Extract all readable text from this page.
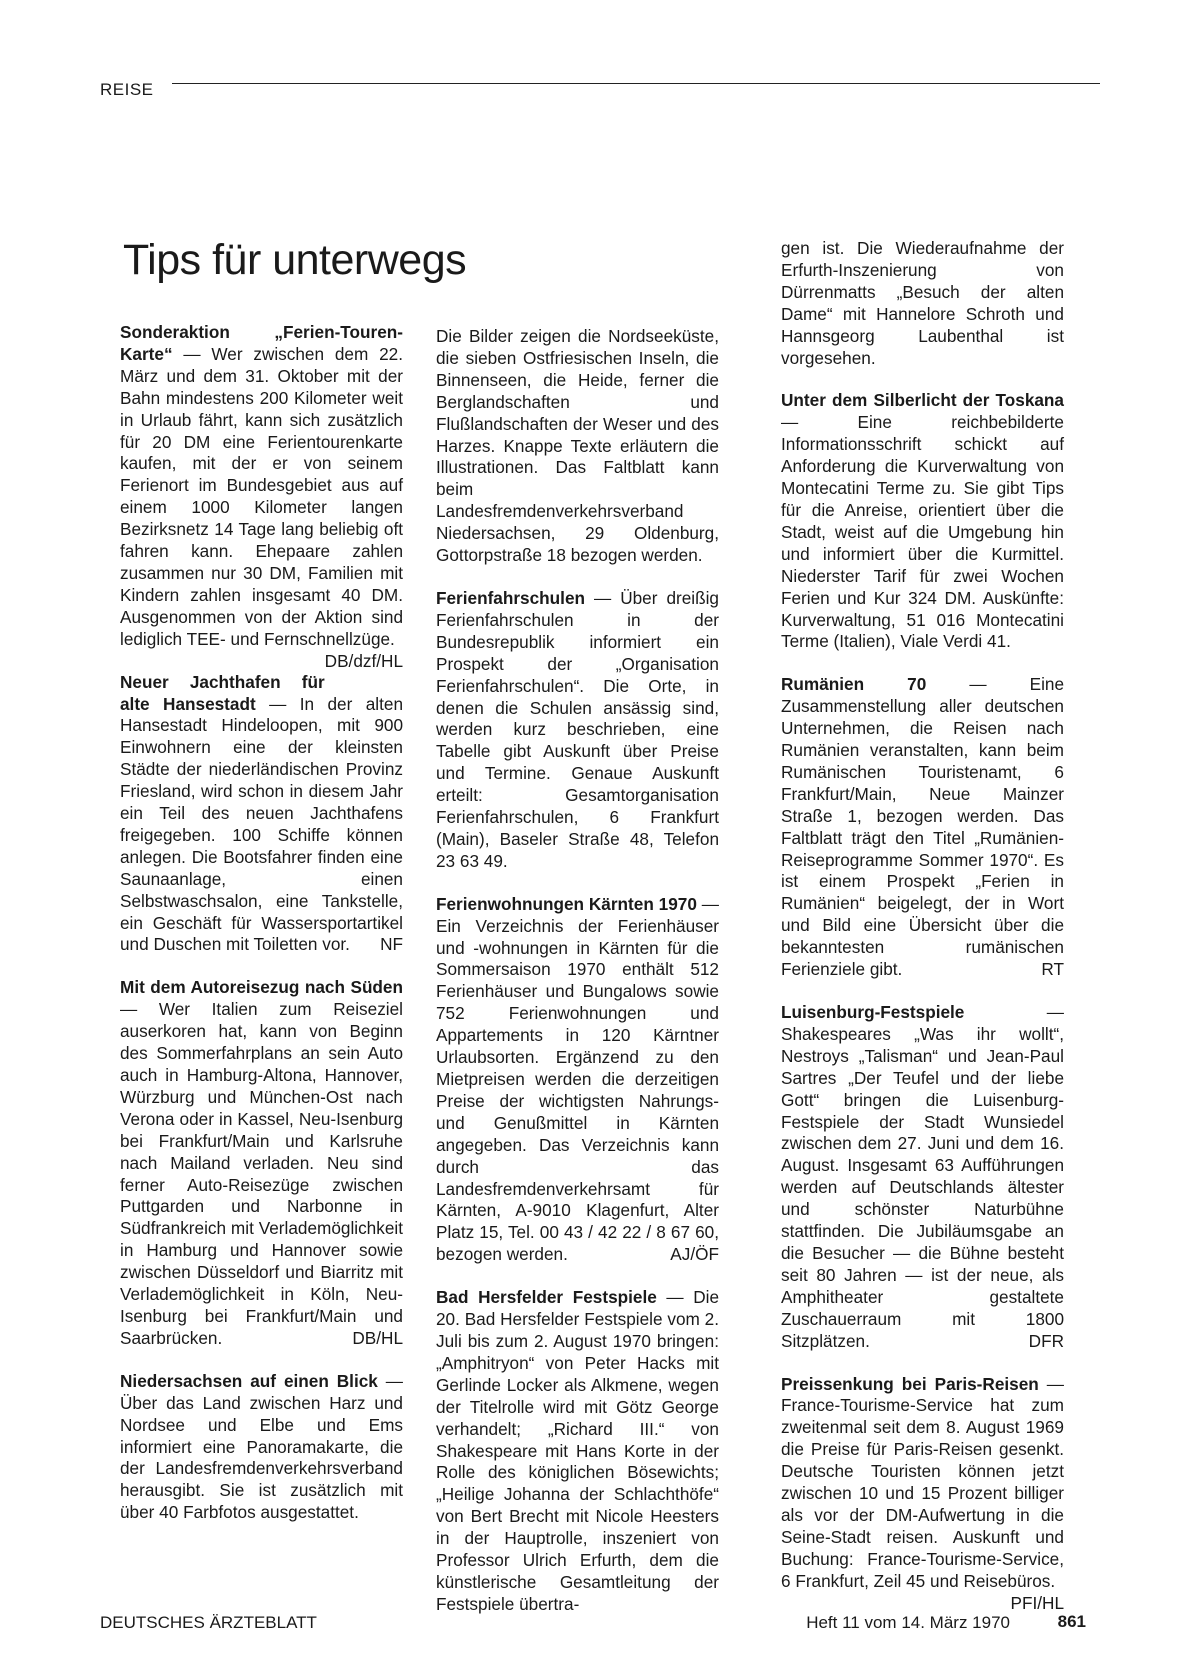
REISE
Tips für unterwegs

Sonderaktion „Ferien-Touren-Karte“ — Wer zwischen dem 22. März und dem 31. Oktober mit der Bahn mindestens 200 Kilometer weit in Urlaub fährt, kann sich zusätzlich für 20 DM eine Ferientourenkarte kaufen, mit der er von seinem Ferienort im Bundesgebiet aus auf einem 1000 Kilometer langen Bezirksnetz 14 Tage lang beliebig oft fahren kann. Ehepaare zahlen zusammen nur 30 DM, Familien mit Kindern zahlen insgesamt 40 DM. Ausgenommen von der Aktion sind lediglich TEE- und Fernschnellzüge.
DB/dzf/HL

Neuer Jachthafen für alte Hansestadt — In der alten Hansestadt Hindeloopen, mit 900 Einwohnern eine der kleinsten Städte der niederländischen Provinz Friesland, wird schon in diesem Jahr ein Teil des neuen Jachthafens freigegeben. 100 Schiffe können anlegen. Die Bootsfahrer finden eine Saunaanlage, einen Selbstwaschsalon, eine Tankstelle, ein Geschäft für Wassersportartikel und Duschen mit Toiletten vor. NF

Mit dem Autoreisezug nach Süden — Wer Italien zum Reiseziel auserkoren hat, kann von Beginn des Sommerfahrplans an sein Auto auch in Hamburg-Altona, Hannover, Würzburg und München-Ost nach Verona oder in Kassel, Neu-Isenburg bei Frankfurt/Main und Karlsruhe nach Mailand verladen. Neu sind ferner Auto-Reisezüge zwischen Puttgarden und Narbonne in Südfrankreich mit Verlademöglichkeit in Hamburg und Hannover sowie zwischen Düsseldorf und Biarritz mit Verlademöglichkeit in Köln, Neu-Isenburg bei Frankfurt/Main und Saarbrücken.	DB/HL

Niedersachsen auf einen Blick — Über das Land zwischen Harz und Nordsee und Elbe und Ems informiert eine Panoramakarte, die der Landesfremdenverkehrsverband herausgibt. Sie ist zusätzlich mit über 40 Farbfotos ausgestattet.

Die Bilder zeigen die Nordseeküste, die sieben Ostfriesischen Inseln, die Binnenseen, die Heide, ferner die Berglandschaften und Flußlandschaften der Weser und des Harzes. Knappe Texte erläutern die Illustrationen. Das Faltblatt kann beim Landesfremdenverkehrsverband Niedersachsen, 29 Oldenburg, Gottorpstraße 18 bezogen werden.

Ferienfahrschulen — Über dreißig Ferienfahrschulen in der Bundesrepublik informiert ein Prospekt der „Organisation Ferienfahrschulen“. Die Orte, in denen die Schulen ansässig sind, werden kurz beschrieben, eine Tabelle gibt Auskunft über Preise und Termine. Genaue Auskunft erteilt: Gesamtorganisation Ferienfahrschulen, 6 Frankfurt (Main), Baseler Straße 48, Telefon 23 63 49.

Ferienwohnungen Kärnten 1970 — Ein Verzeichnis der Ferienhäuser und -wohnungen in Kärnten für die Sommersaison 1970 enthält 512 Ferienhäuser und Bungalows sowie 752 Ferienwohnungen und Appartements in 120 Kärntner Urlaubsorten. Ergänzend zu den Mietpreisen werden die derzeitigen Preise der wichtigsten Nahrungs- und Genußmittel in Kärnten angegeben. Das Verzeichnis kann durch das Landesfremdenverkehrsamt für Kärnten, A-9010 Klagenfurt, Alter Platz 15, Tel. 00 43 / 42 22 / 8 67 60, bezogen werden.	AJ/ÖF

Bad Hersfelder Festspiele — Die 20. Bad Hersfelder Festspiele vom 2. Juli bis zum 2. August 1970 bringen: „Amphitryon“ von Peter Hacks mit Gerlinde Locker als Alkmene, wegen der Titelrolle wird mit Götz George verhandelt; „Richard III.“ von Shakespeare mit Hans Korte in der Rolle des königlichen Bösewichts; „Heilige Johanna der Schlachthöfe“ von Bert Brecht mit Nicole Heesters in der Hauptrolle, inszeniert von Professor Ulrich Erfurth, dem die künstlerische Gesamtleitung der Festspiele übertra-

gen ist. Die Wiederaufnahme der Erfurth-Inszenierung von Dürrenmatts „Besuch der alten Dame“ mit Hannelore Schroth und Hannsgeorg Laubenthal ist vorgesehen.

Unter dem Silberlicht der Toskana — Eine reichbebilderte Informationsschrift schickt auf Anforderung die Kurverwaltung von Montecatini Terme zu. Sie gibt Tips für die Anreise, orientiert über die Stadt, weist auf die Umgebung hin und informiert über die Kurmittel. Niederster Tarif für zwei Wochen Ferien und Kur 324 DM. Auskünfte: Kurverwaltung, 51 016 Montecatini Terme (Italien), Viale Verdi 41.

Rumänien 70 — Eine Zusammenstellung aller deutschen Unternehmen, die Reisen nach Rumänien veranstalten, kann beim Rumänischen Touristenamt, 6 Frankfurt/Main, Neue Mainzer Straße 1, bezogen werden. Das Faltblatt trägt den Titel „Rumänien-Reiseprogramme Sommer 1970“. Es ist einem Prospekt „Ferien in Rumänien“ beigelegt, der in Wort und Bild eine Übersicht über die bekanntesten rumänischen Ferienziele gibt.	RT

Luisenburg-Festspiele — Shakespeares „Was ihr wollt“, Nestroys „Talisman“ und Jean-Paul Sartres „Der Teufel und der liebe Gott“ bringen die Luisenburg-Festspiele der Stadt Wunsiedel zwischen dem 27. Juni und dem 16. August. Insgesamt 63 Aufführungen werden auf Deutschlands ältester und schönster Naturbühne stattfinden. Die Jubiläumsgabe an die Besucher — die Bühne besteht seit 80 Jahren — ist der neue, als Amphitheater gestaltete Zuschauerraum mit 1800 Sitzplätzen.	DFR

Preissenkung bei Paris-Reisen — France-Tourisme-Service hat zum zweitenmal seit dem 8. August 1969 die Preise für Paris-Reisen gesenkt. Deutsche Touristen können jetzt zwischen 10 und 15 Prozent billiger als vor der DM-Aufwertung in die Seine-Stadt reisen. Auskunft und Buchung: France-Tourisme-Service, 6 Frankfurt, Zeil 45 und Reisebüros.
PFI/HL

DEUTSCHES ÄRZTEBLATT	Heft 11 vom 14. März 1970	861
